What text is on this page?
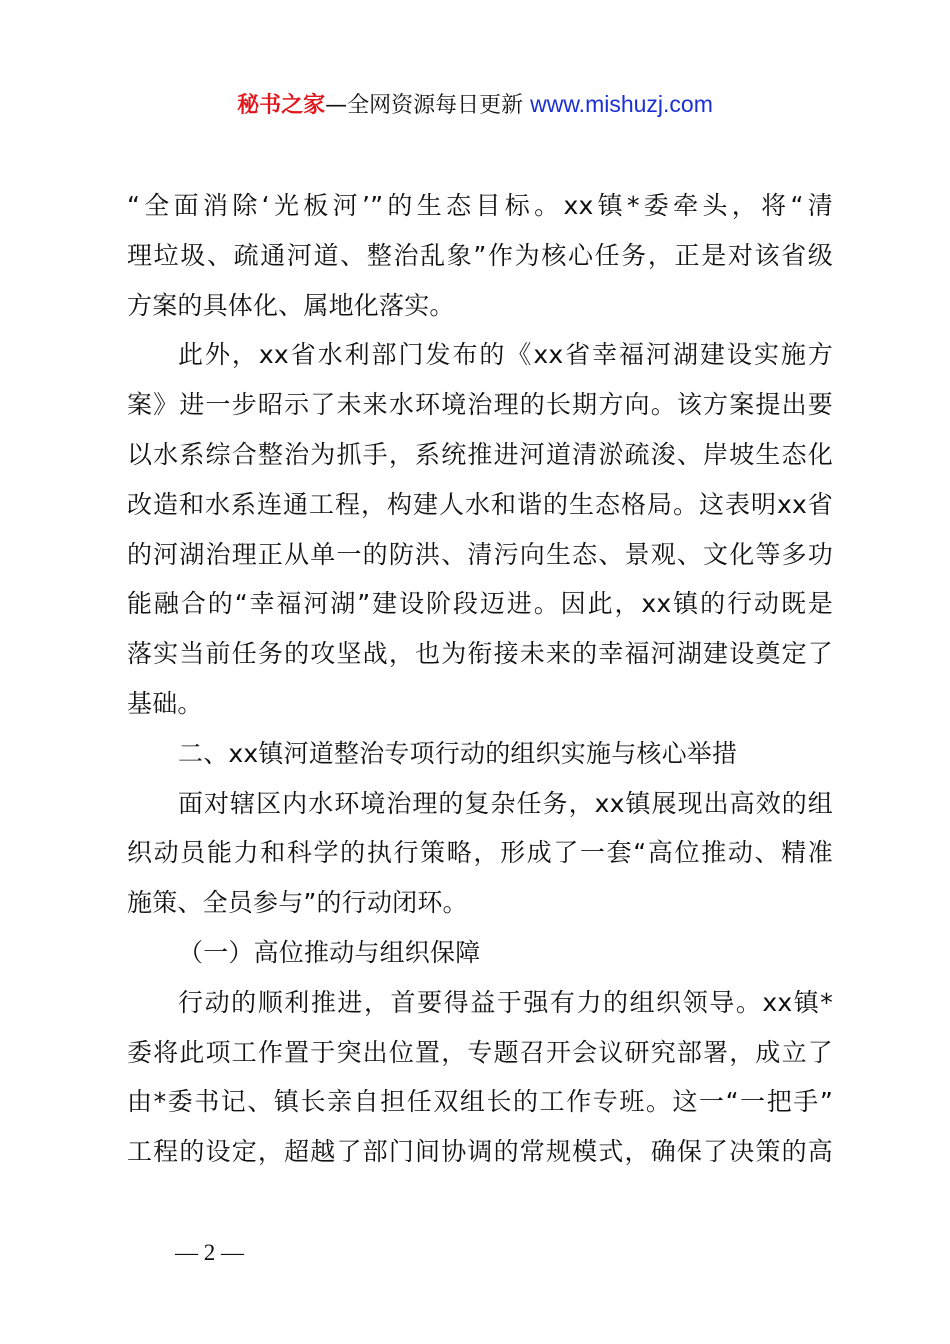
秘书之家—全网资源每日更新 www.mishuzj.com
“全面消除‘光板河’”的生态目标。xx镇*委牵头，将“清
理垃圾、疏通河道、整治乱象”作为核心任务，正是对该省级
方案的具体化、属地化落实。
此外，xx省水利部门发布的《xx省幸福河湖建设实施方
案》进一步昭示了未来水环境治理的长期方向。该方案提出要
以水系综合整治为抓手，系统推进河道清淤疏浚、岸坡生态化
改造和水系连通工程，构建人水和谐的生态格局。这表明xx省
的河湖治理正从单一的防洪、清污向生态、景观、文化等多功
能融合的“幸福河湖”建设阶段迈进。因此，xx镇的行动既是
落实当前任务的攻坚战，也为衔接未来的幸福河湖建设奠定了
基础。
二、xx镇河道整治专项行动的组织实施与核心举措
面对辖区内水环境治理的复杂任务，xx镇展现出高效的组
织动员能力和科学的执行策略，形成了一套“高位推动、精准
施策、全员参与”的行动闭环。
（一）高位推动与组织保障
行动的顺利推进，首要得益于强有力的组织领导。xx镇*
委将此项工作置于突出位置，专题召开会议研究部署，成立了
由*委书记、镇长亲自担任双组长的工作专班。这一“一把手”
工程的设定，超越了部门间协调的常规模式，确保了决策的高
— 2 —
